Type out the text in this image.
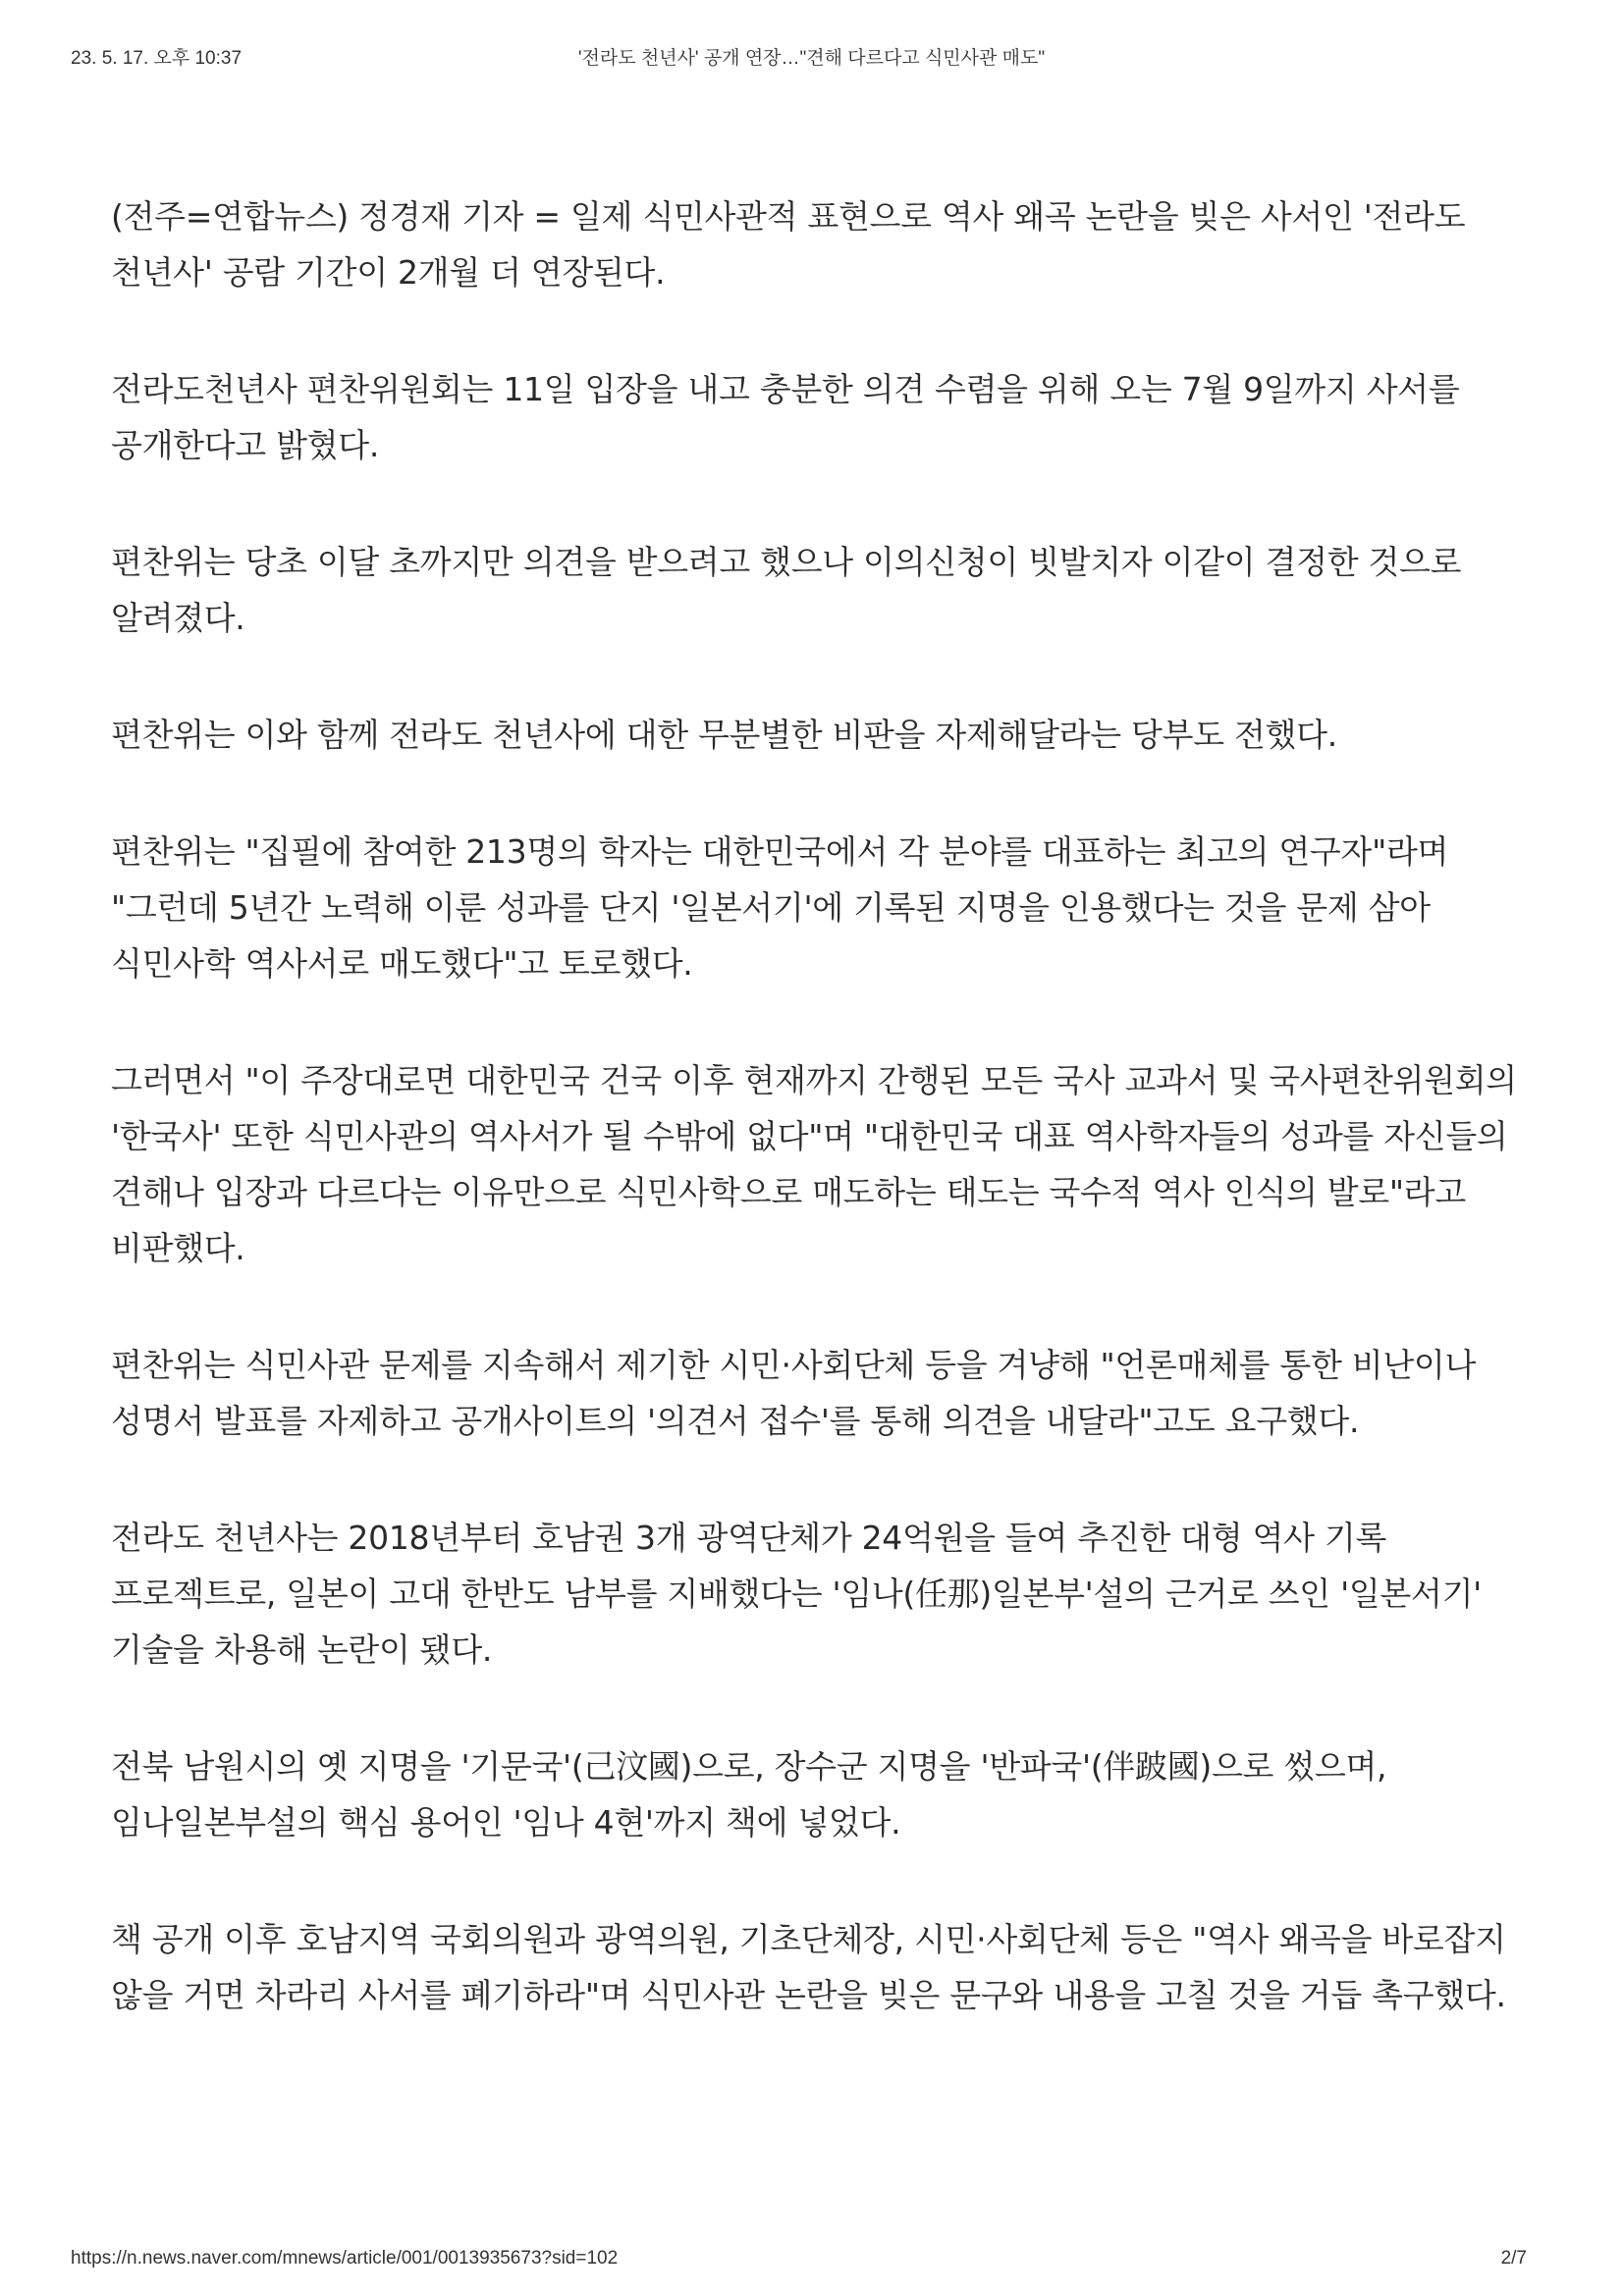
23. 5. 17. 오후 10:37	'전라도 천년사' 공개 연장…"견해 다르다고 식민사관 매도"

(전주=연합뉴스) 정경재 기자 = 일제 식민사관적 표현으로 역사 왜곡 논란을 빚은 사서인 '전라도 천년사' 공람 기간이 2개월 더 연장된다.

전라도천년사 편찬위원회는 11일 입장을 내고 충분한 의견 수렴을 위해 오는 7월 9일까지 사서를 공개한다고 밝혔다.

편찬위는 당초 이달 초까지만 의견을 받으려고 했으나 이의신청이 빗발치자 이같이 결정한 것으로 알려졌다.

편찬위는 이와 함께 전라도 천년사에 대한 무분별한 비판을 자제해달라는 당부도 전했다.

편찬위는 "집필에 참여한 213명의 학자는 대한민국에서 각 분야를 대표하는 최고의 연구자"라며 "그런데 5년간 노력해 이룬 성과를 단지 '일본서기'에 기록된 지명을 인용했다는 것을 문제 삼아 식민사학 역사서로 매도했다"고 토로했다.

그러면서 "이 주장대로면 대한민국 건국 이후 현재까지 간행된 모든 국사 교과서 및 국사편찬위원회의 '한국사' 또한 식민사관의 역사서가 될 수밖에 없다"며 "대한민국 대표 역사학자들의 성과를 자신들의 견해나 입장과 다르다는 이유만으로 식민사학으로 매도하는 태도는 국수적 역사 인식의 발로"라고 비판했다.

편찬위는 식민사관 문제를 지속해서 제기한 시민·사회단체 등을 겨냥해 "언론매체를 통한 비난이나 성명서 발표를 자제하고 공개사이트의 '의견서 접수'를 통해 의견을 내달라"고도 요구했다.

전라도 천년사는 2018년부터 호남권 3개 광역단체가 24억원을 들여 추진한 대형 역사 기록 프로젝트로, 일본이 고대 한반도 남부를 지배했다는 '임나(任那)일본부'설의 근거로 쓰인 '일본서기' 기술을 차용해 논란이 됐다.

전북 남원시의 옛 지명을 '기문국'(己汶國)으로, 장수군 지명을 '반파국'(伴跛國)으로 썼으며, 임나일본부설의 핵심 용어인 '임나 4현'까지 책에 넣었다.

책 공개 이후 호남지역 국회의원과 광역의원, 기초단체장, 시민·사회단체 등은 "역사 왜곡을 바로잡지 않을 거면 차라리 사서를 폐기하라"며 식민사관 논란을 빚은 문구와 내용을 고칠 것을 거듭 촉구했다.

https://n.news.naver.com/mnews/article/001/0013935673?sid=102	2/7
